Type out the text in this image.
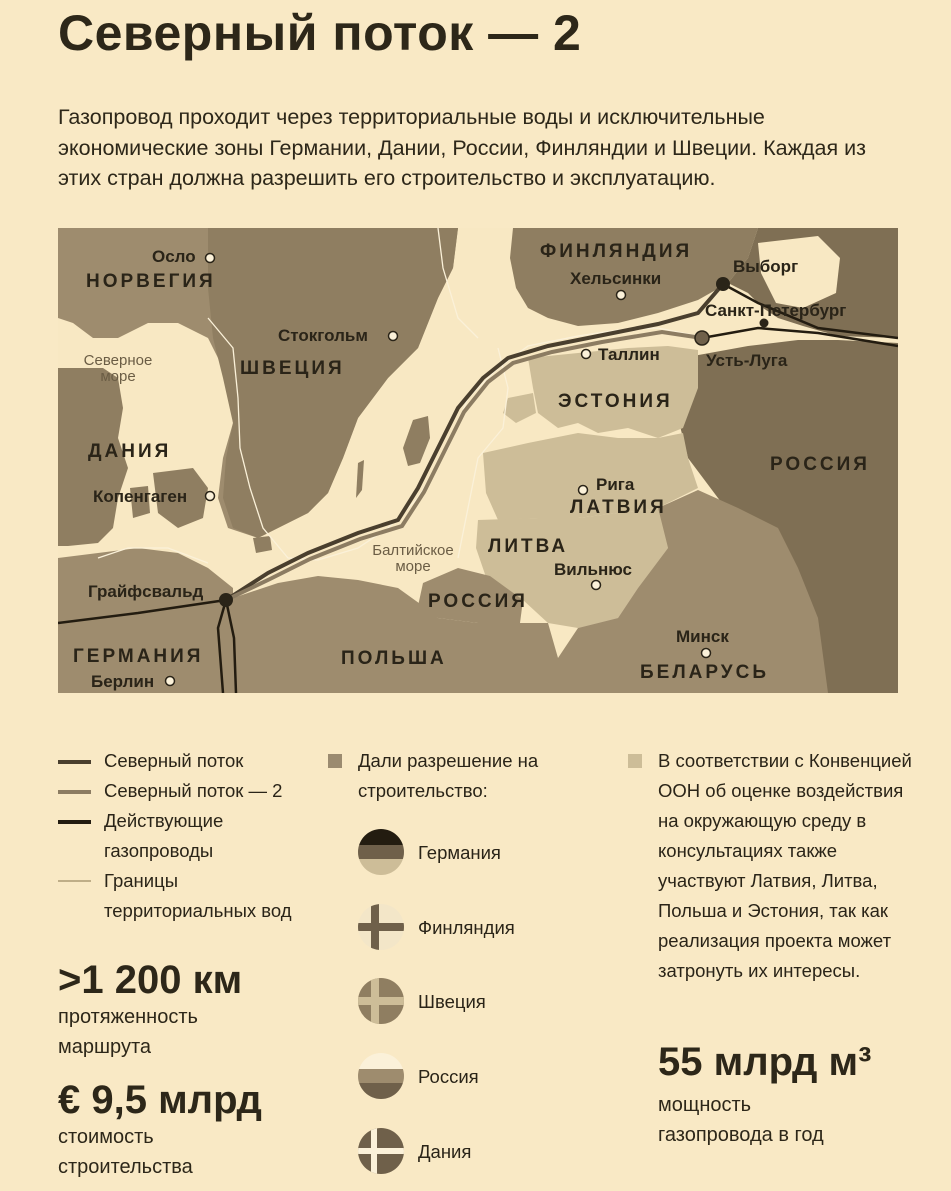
Северный поток — 2
Газопровод проходит через территориальные воды и исключительные экономические зоны Германии, Дании, России, Финляндии и Швеции. Каждая из этих стран должна разрешить его строительство и эксплуатацию.
НОРВЕГИЯ
ШВЕЦИЯ
ДАНИЯ
ФИНЛЯНДИЯ
ЭСТОНИЯ
РОССИЯ
ЛАТВИЯ
ЛИТВА
РОССИЯ
ПОЛЬША
БЕЛАРУСЬ
ГЕРМАНИЯ
Осло
Стокгольм
Копенгаген
Хельсинки
Выборг
Санкт-Петербург
Усть-Луга
Таллин
Рига
Вильнюс
Минск
Грайфсвальд
Берлин
Северное
море
Балтийское
море
Северный поток
Северный поток — 2
Действующие газопроводы
Границы территориальных вод
>1 200 км
протяженность маршрута
€ 9,5 млрд
стоимость строительства
Дали разрешение на строительство:
Германия
Финляндия
Швеция
Россия
Дания
В соответствии с Конвенцией ООН об оценке воздействия на окружающую среду в консультациях также участвуют Латвия, Литва, Польша и Эстония, так как реализация проекта может затронуть их интересы.
55 млрд м³
мощность газопровода в год
